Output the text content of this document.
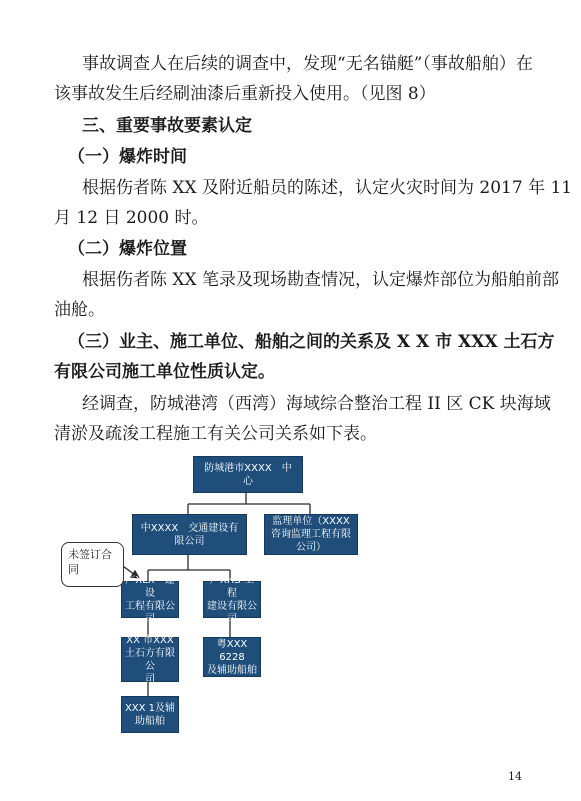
事故调查人在后续的调查中，发现“无名锚艇”（事故船舶）在
该事故发生后经刷油漆后重新投入使用。（见图 8）
三、重要事故要素认定
（一）爆炸时间
根据伤者陈 XX 及附近船员的陈述，认定火灾时间为 2017 年 11
月 12 日 2000 时。
（二）爆炸位置
根据伤者陈 XX 笔录及现场勘查情况，认定爆炸部位为船舶前部
油舱。
（三）业主、施工单位、船舶之间的关系及 X X 市 XXX 土石方
有限公司施工单位性质认定。
经调查，防城港湾（西湾）海域综合整治工程 II 区 CK 块海域
清淤及疏浚工程施工有关公司关系如下表。
防城港市XXXX　中心
中XXXX　交通建设有
限公司
监理单位（XXXX
咨询监理工程有限公司）
广XLX　建设
工程有限公司
广XHS 工程
建设有限公司
XX 市XXX
土石方有限公
司
粤XXX　6228
及辅助船舶
XXX 1及辅
助船舶
未签订合
同
14
